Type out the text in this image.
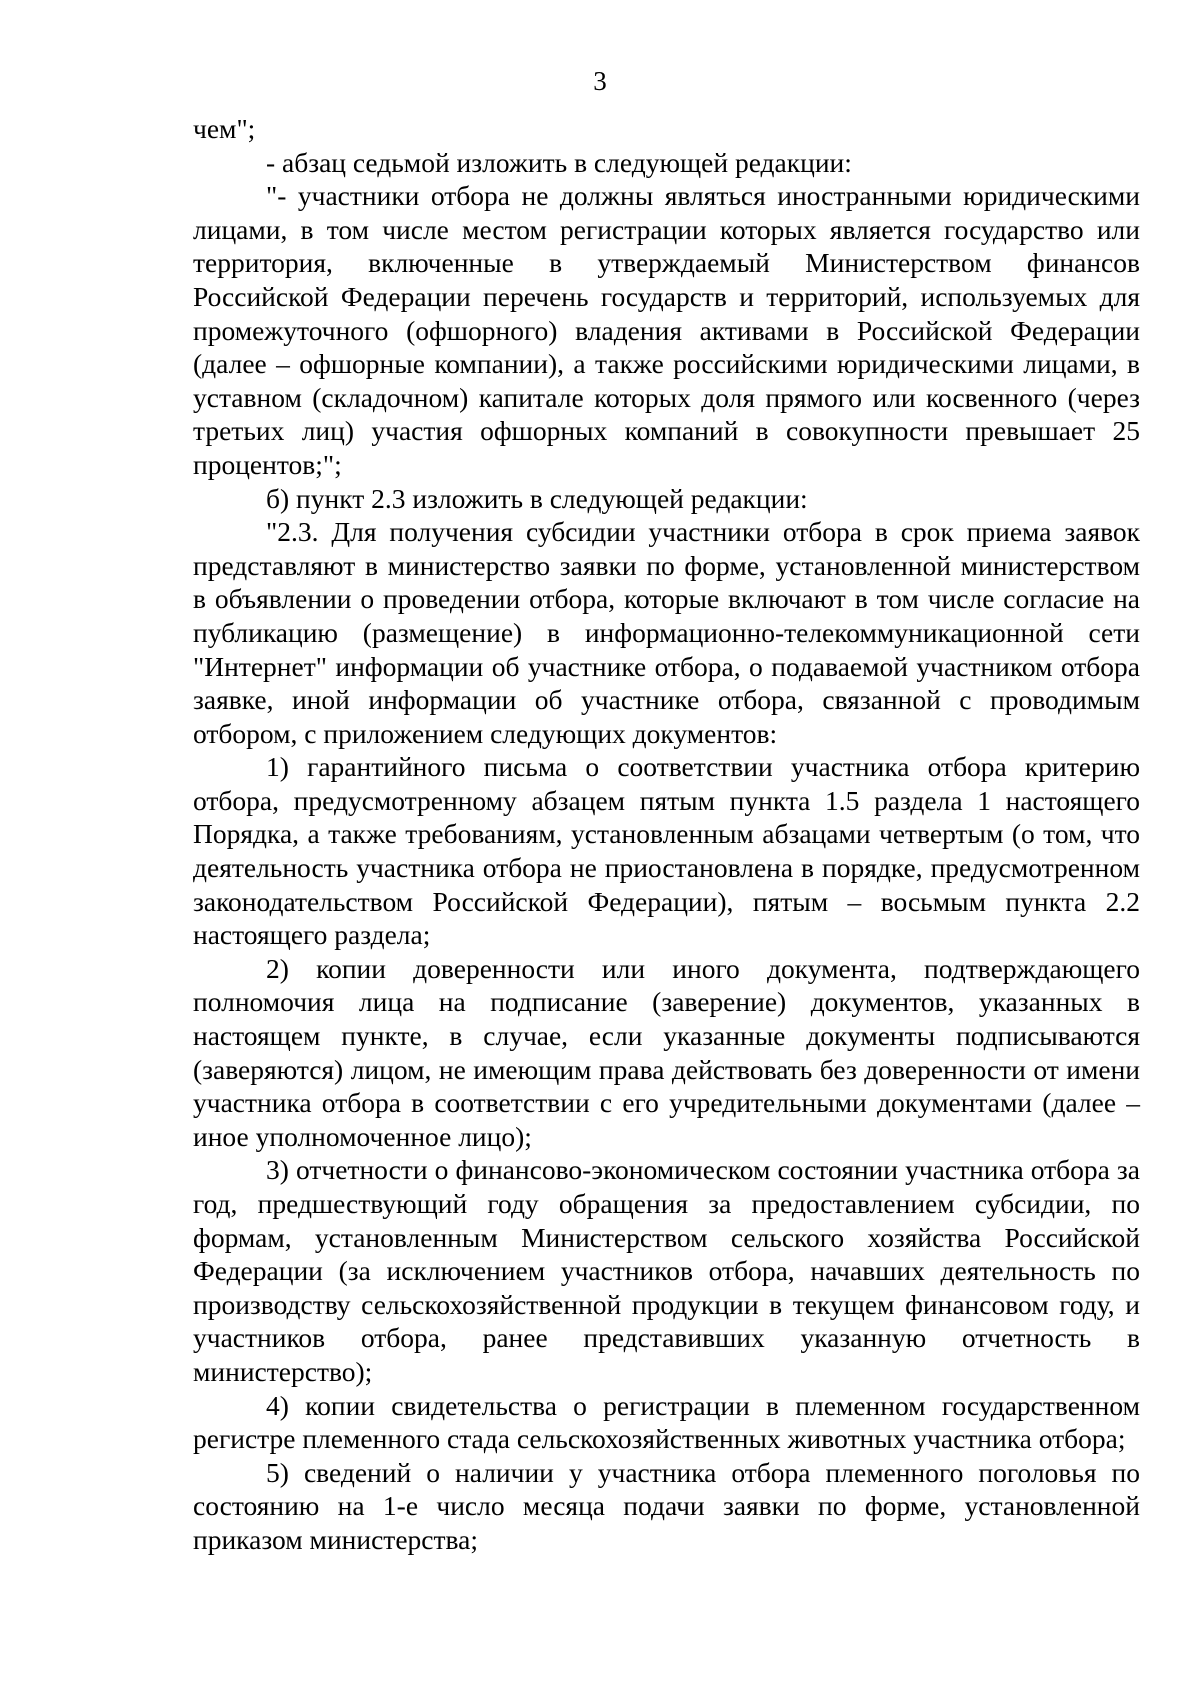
3

чем";

- абзац седьмой изложить в следующей редакции:

"- участники отбора не должны являться иностранными юридическими лицами, в том числе местом регистрации которых является государство или территория, включенные в утверждаемый Министерством финансов Российской Федерации перечень государств и территорий, используемых для промежуточного (офшорного) владения активами в Российской Федерации (далее – офшорные компании), а также российскими юридическими лицами, в уставном (складочном) капитале которых доля прямого или косвенного (через третьих лиц) участия офшорных компаний в совокупности превышает 25 процентов;";

б) пункт 2.3 изложить в следующей редакции:

"2.3. Для получения субсидии участники отбора в срок приема заявок представляют в министерство заявки по форме, установленной министерством в объявлении о проведении отбора, которые включают в том числе согласие на публикацию (размещение) в информационно-телекоммуникационной сети "Интернет" информации об участнике отбора, о подаваемой участником отбора заявке, иной информации об участнике отбора, связанной с проводимым отбором, с приложением следующих документов:

1) гарантийного письма о соответствии участника отбора критерию отбора, предусмотренному абзацем пятым пункта 1.5 раздела 1 настоящего Порядка, а также требованиям, установленным абзацами четвертым (о том, что деятельность участника отбора не приостановлена в порядке, предусмотренном законодательством Российской Федерации), пятым – восьмым пункта 2.2 настоящего раздела;

2) копии доверенности или иного документа, подтверждающего полномочия лица на подписание (заверение) документов, указанных в настоящем пункте, в случае, если указанные документы подписываются (заверяются) лицом, не имеющим права действовать без доверенности от имени участника отбора в соответствии с его учредительными документами (далее – иное уполномоченное лицо);

3) отчетности о финансово-экономическом состоянии участника отбора за год, предшествующий году обращения за предоставлением субсидии, по формам, установленным Министерством сельского хозяйства Российской Федерации (за исключением участников отбора, начавших деятельность по производству сельскохозяйственной продукции в текущем финансовом году, и участников отбора, ранее представивших указанную отчетность в министерство);

4) копии свидетельства о регистрации в племенном государственном регистре племенного стада сельскохозяйственных животных участника отбора;

5) сведений о наличии у участника отбора племенного поголовья по состоянию на 1-е число месяца подачи заявки по форме, установленной приказом министерства;
